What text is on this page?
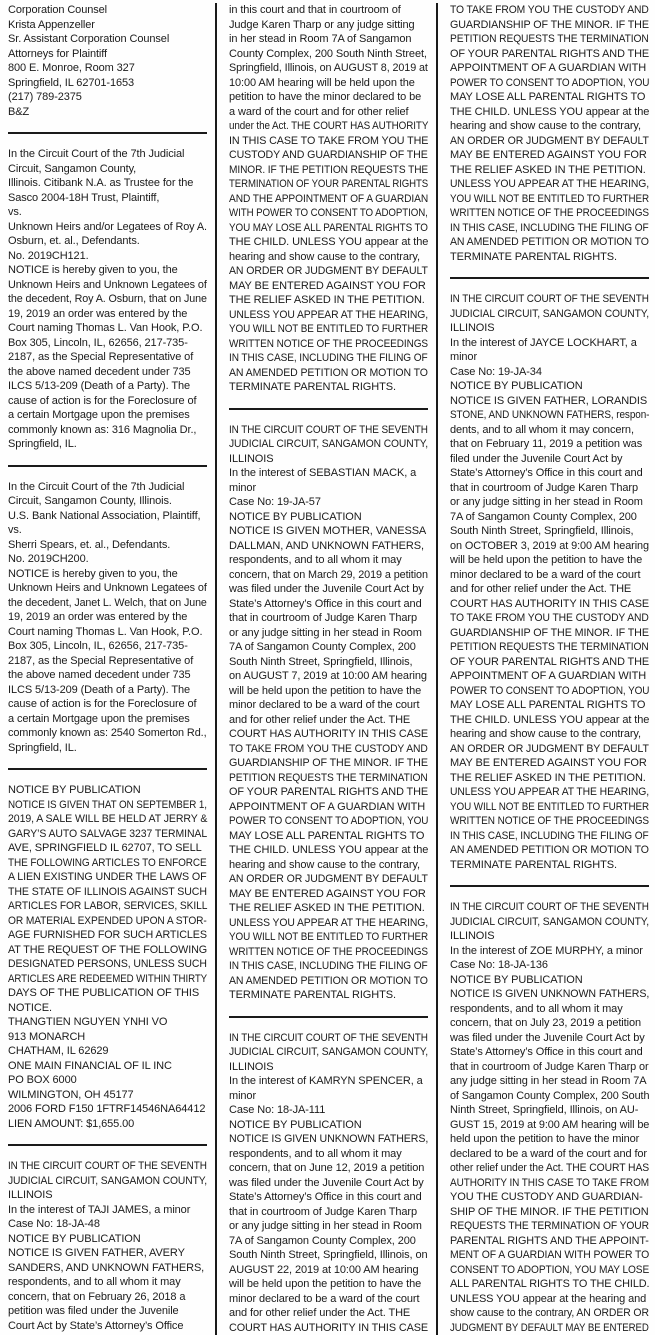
Corporation Counsel
Krista Appenzeller
Sr. Assistant Corporation Counsel
Attorneys for Plaintiff
800 E. Monroe, Room 327
Springfield, IL 62701-1653
(217) 789-2375
B&Z
In the Circuit Court of the 7th Judicial
Circuit, Sangamon County,
Illinois. Citibank N.A. as Trustee for the
Sasco 2004-18H Trust, Plaintiff,
vs.
Unknown Heirs and/or Legatees of Roy A.
Osburn, et. al., Defendants.
No. 2019CH121.
NOTICE is hereby given to you, the
Unknown Heirs and Unknown Legatees of
the decedent, Roy A. Osburn, that on June
19, 2019 an order was entered by the
Court naming Thomas L. Van Hook, P.O.
Box 305, Lincoln, IL, 62656, 217-735-
2187, as the Special Representative of
the above named decedent under 735
ILCS 5/13-209 (Death of a Party). The
cause of action is for the Foreclosure of
a certain Mortgage upon the premises
commonly known as: 316 Magnolia Dr.,
Springfield, IL.
In the Circuit Court of the 7th Judicial
Circuit, Sangamon County, Illinois.
U.S. Bank National Association, Plaintiff,
vs.
Sherri Spears, et. al., Defendants.
No. 2019CH200.
NOTICE is hereby given to you, the
Unknown Heirs and Unknown Legatees of
the decedent, Janet L. Welch, that on June
19, 2019 an order was entered by the
Court naming Thomas L. Van Hook, P.O.
Box 305, Lincoln, IL, 62656, 217-735-
2187, as the Special Representative of
the above named decedent under 735
ILCS 5/13-209 (Death of a Party). The
cause of action is for the Foreclosure of
a certain Mortgage upon the premises
commonly known as: 2540 Somerton Rd.,
Springfield, IL.
NOTICE BY PUBLICATION
NOTICE IS GIVEN THAT ON SEPTEMBER 1,
2019, A SALE WILL BE HELD AT JERRY &
GARY’S AUTO SALVAGE 3237 TERMINAL
AVE, SPRINGFIELD IL 62707, TO SELL
THE FOLLOWING ARTICLES TO ENFORCE
A LIEN EXISTING UNDER THE LAWS OF
THE STATE OF ILLINOIS AGAINST SUCH
ARTICLES FOR LABOR, SERVICES, SKILL
OR MATERIAL EXPENDED UPON A STOR-
AGE FURNISHED FOR SUCH ARTICLES
AT THE REQUEST OF THE FOLLOWING
DESIGNATED PERSONS, UNLESS SUCH
ARTICLES ARE REDEEMED WITHIN THIRTY
DAYS OF THE PUBLICATION OF THIS
NOTICE.
THANGTIEN NGUYEN YNHI VO
913 MONARCH
CHATHAM, IL 62629
ONE MAIN FINANCIAL OF IL INC
PO BOX 6000
WILMINGTON, OH 45177
2006 FORD F150 1FTRF14546NA64412
LIEN AMOUNT: $1,655.00
IN THE CIRCUIT COURT OF THE SEVENTH
JUDICIAL CIRCUIT, SANGAMON COUNTY,
ILLINOIS
In the interest of TAJI JAMES, a minor
Case No: 18-JA-48
NOTICE BY PUBLICATION
NOTICE IS GIVEN FATHER, AVERY
SANDERS, AND UNKNOWN FATHERS,
respondents, and to all whom it may
concern, that on February 26, 2018 a
petition was filed under the Juvenile
Court Act by State’s Attorney’s Office
in this court and that in courtroom of
Judge Karen Tharp or any judge sitting
in her stead in Room 7A of Sangamon
County Complex, 200 South Ninth Street,
Springfield, Illinois, on AUGUST 8, 2019 at
10:00 AM hearing will be held upon the
petition to have the minor declared to be
a ward of the court and for other relief
under the Act. THE COURT HAS AUTHORITY
IN THIS CASE TO TAKE FROM YOU THE
CUSTODY AND GUARDIANSHIP OF THE
MINOR. IF THE PETITION REQUESTS THE
TERMINATION OF YOUR PARENTAL RIGHTS
AND THE APPOINTMENT OF A GUARDIAN
WITH POWER TO CONSENT TO ADOPTION,
YOU MAY LOSE ALL PARENTAL RIGHTS TO
THE CHILD. UNLESS YOU appear at the
hearing and show cause to the contrary,
AN ORDER OR JUDGMENT BY DEFAULT
MAY BE ENTERED AGAINST YOU FOR
THE RELIEF ASKED IN THE PETITION.
UNLESS YOU APPEAR AT THE HEARING,
YOU WILL NOT BE ENTITLED TO FURTHER
WRITTEN NOTICE OF THE PROCEEDINGS
IN THIS CASE, INCLUDING THE FILING OF
AN AMENDED PETITION OR MOTION TO
TERMINATE PARENTAL RIGHTS.
IN THE CIRCUIT COURT OF THE SEVENTH
JUDICIAL CIRCUIT, SANGAMON COUNTY,
ILLINOIS
In the interest of SEBASTIAN MACK, a
minor
Case No: 19-JA-57
NOTICE BY PUBLICATION
NOTICE IS GIVEN MOTHER, VANESSA
DALLMAN, AND UNKNOWN FATHERS,
respondents, and to all whom it may
concern, that on March 29, 2019 a petition
was filed under the Juvenile Court Act by
State’s Attorney’s Office in this court and
that in courtroom of Judge Karen Tharp
or any judge sitting in her stead in Room
7A of Sangamon County Complex, 200
South Ninth Street, Springfield, Illinois,
on AUGUST 7, 2019 at 10:00 AM hearing
will be held upon the petition to have the
minor declared to be a ward of the court
and for other relief under the Act. THE
COURT HAS AUTHORITY IN THIS CASE
TO TAKE FROM YOU THE CUSTODY AND
GUARDIANSHIP OF THE MINOR. IF THE
PETITION REQUESTS THE TERMINATION
OF YOUR PARENTAL RIGHTS AND THE
APPOINTMENT OF A GUARDIAN WITH
POWER TO CONSENT TO ADOPTION, YOU
MAY LOSE ALL PARENTAL RIGHTS TO
THE CHILD. UNLESS YOU appear at the
hearing and show cause to the contrary,
AN ORDER OR JUDGMENT BY DEFAULT
MAY BE ENTERED AGAINST YOU FOR
THE RELIEF ASKED IN THE PETITION.
UNLESS YOU APPEAR AT THE HEARING,
YOU WILL NOT BE ENTITLED TO FURTHER
WRITTEN NOTICE OF THE PROCEEDINGS
IN THIS CASE, INCLUDING THE FILING OF
AN AMENDED PETITION OR MOTION TO
TERMINATE PARENTAL RIGHTS.
IN THE CIRCUIT COURT OF THE SEVENTH
JUDICIAL CIRCUIT, SANGAMON COUNTY,
ILLINOIS
In the interest of KAMRYN SPENCER, a
minor
Case No: 18-JA-111
NOTICE BY PUBLICATION
NOTICE IS GIVEN UNKNOWN FATHERS,
respondents, and to all whom it may
concern, that on June 12, 2019 a petition
was filed under the Juvenile Court Act by
State’s Attorney’s Office in this court and
that in courtroom of Judge Karen Tharp
or any judge sitting in her stead in Room
7A of Sangamon County Complex, 200
South Ninth Street, Springfield, Illinois, on
AUGUST 22, 2019 at 10:00 AM hearing
will be held upon the petition to have the
minor declared to be a ward of the court
and for other relief under the Act. THE
COURT HAS AUTHORITY IN THIS CASE
TO TAKE FROM YOU THE CUSTODY AND
GUARDIANSHIP OF THE MINOR. IF THE
PETITION REQUESTS THE TERMINATION
OF YOUR PARENTAL RIGHTS AND THE
APPOINTMENT OF A GUARDIAN WITH
POWER TO CONSENT TO ADOPTION, YOU
MAY LOSE ALL PARENTAL RIGHTS TO
THE CHILD. UNLESS YOU appear at the
hearing and show cause to the contrary,
AN ORDER OR JUDGMENT BY DEFAULT
MAY BE ENTERED AGAINST YOU FOR
THE RELIEF ASKED IN THE PETITION.
UNLESS YOU APPEAR AT THE HEARING,
YOU WILL NOT BE ENTITLED TO FURTHER
WRITTEN NOTICE OF THE PROCEEDINGS
IN THIS CASE, INCLUDING THE FILING OF
AN AMENDED PETITION OR MOTION TO
TERMINATE PARENTAL RIGHTS.
IN THE CIRCUIT COURT OF THE SEVENTH
JUDICIAL CIRCUIT, SANGAMON COUNTY,
ILLINOIS
In the interest of JAYCE LOCKHART, a
minor
Case No: 19-JA-34
NOTICE BY PUBLICATION
NOTICE IS GIVEN FATHER, LORANDIS
STONE, AND UNKNOWN FATHERS, respon-
dents, and to all whom it may concern,
that on February 11, 2019 a petition was
filed under the Juvenile Court Act by
State’s Attorney’s Office in this court and
that in courtroom of Judge Karen Tharp
or any judge sitting in her stead in Room
7A of Sangamon County Complex, 200
South Ninth Street, Springfield, Illinois,
on OCTOBER 3, 2019 at 9:00 AM hearing
will be held upon the petition to have the
minor declared to be a ward of the court
and for other relief under the Act. THE
COURT HAS AUTHORITY IN THIS CASE
TO TAKE FROM YOU THE CUSTODY AND
GUARDIANSHIP OF THE MINOR. IF THE
PETITION REQUESTS THE TERMINATION
OF YOUR PARENTAL RIGHTS AND THE
APPOINTMENT OF A GUARDIAN WITH
POWER TO CONSENT TO ADOPTION, YOU
MAY LOSE ALL PARENTAL RIGHTS TO
THE CHILD. UNLESS YOU appear at the
hearing and show cause to the contrary,
AN ORDER OR JUDGMENT BY DEFAULT
MAY BE ENTERED AGAINST YOU FOR
THE RELIEF ASKED IN THE PETITION.
UNLESS YOU APPEAR AT THE HEARING,
YOU WILL NOT BE ENTITLED TO FURTHER
WRITTEN NOTICE OF THE PROCEEDINGS
IN THIS CASE, INCLUDING THE FILING OF
AN AMENDED PETITION OR MOTION TO
TERMINATE PARENTAL RIGHTS.
IN THE CIRCUIT COURT OF THE SEVENTH
JUDICIAL CIRCUIT, SANGAMON COUNTY,
ILLINOIS
In the interest of ZOE MURPHY, a minor
Case No: 18-JA-136
NOTICE BY PUBLICATION
NOTICE IS GIVEN UNKNOWN FATHERS,
respondents, and to all whom it may
concern, that on July 23, 2019 a petition
was filed under the Juvenile Court Act by
State’s Attorney’s Office in this court and
that in courtroom of Judge Karen Tharp or
any judge sitting in her stead in Room 7A
of Sangamon County Complex, 200 South
Ninth Street, Springfield, Illinois, on AU-
GUST 15, 2019 at 9:00 AM hearing will be
held upon the petition to have the minor
declared to be a ward of the court and for
other relief under the Act. THE COURT HAS
AUTHORITY IN THIS CASE TO TAKE FROM
YOU THE CUSTODY AND GUARDIAN-
SHIP OF THE MINOR. IF THE PETITION
REQUESTS THE TERMINATION OF YOUR
PARENTAL RIGHTS AND THE APPOINT-
MENT OF A GUARDIAN WITH POWER TO
CONSENT TO ADOPTION, YOU MAY LOSE
ALL PARENTAL RIGHTS TO THE CHILD.
UNLESS YOU appear at the hearing and
show cause to the contrary, AN ORDER OR
JUDGMENT BY DEFAULT MAY BE ENTERED
